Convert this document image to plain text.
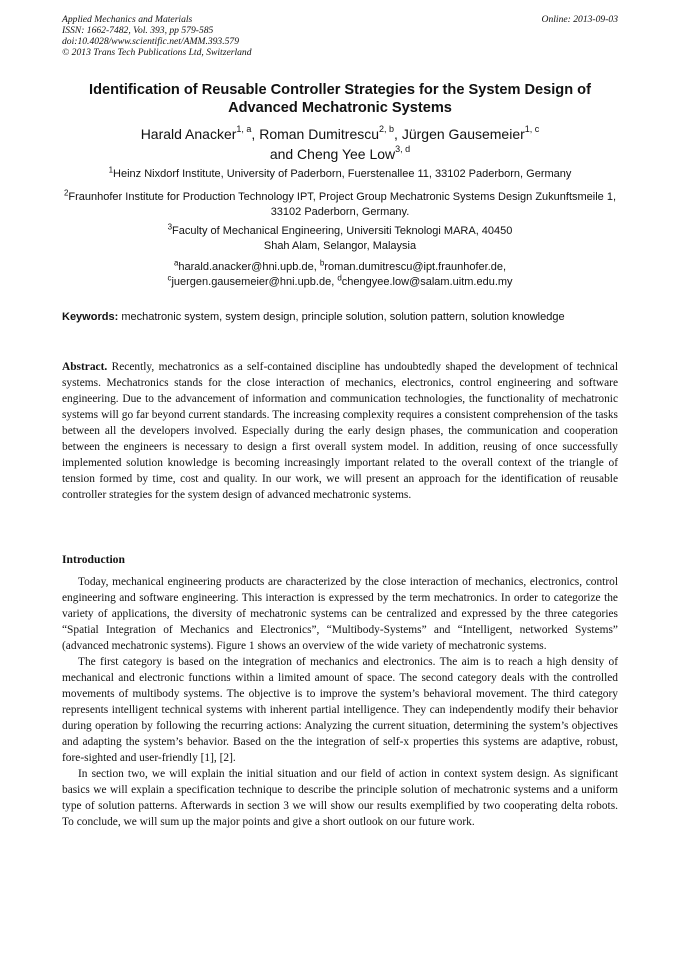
Applied Mechanics and Materials
ISSN: 1662-7482, Vol. 393, pp 579-585
doi:10.4028/www.scientific.net/AMM.393.579
© 2013 Trans Tech Publications Ltd, Switzerland
Online: 2013-09-03
Identification of Reusable Controller Strategies for the System Design of Advanced Mechatronic Systems
Harald Anacker$^{1, a}$, Roman Dumitrescu$^{2, b}$, Jürgen Gausemeier$^{1, c}$
and Cheng Yee Low$^{3, d}$
$^1$Heinz Nixdorf Institute, University of Paderborn, Fuerstenallee 11, 33102 Paderborn, Germany
$^2$Fraunhofer Institute for Production Technology IPT, Project Group Mechatronic Systems Design Zukunftsmeile 1, 33102 Paderborn, Germany.
$^3$Faculty of Mechanical Engineering, Universiti Teknologi MARA, 40450 Shah Alam, Selangor, Malaysia
$^a$harald.anacker@hni.upb.de, $^b$roman.dumitrescu@ipt.fraunhofer.de,
$^c$juergen.gausemeier@hni.upb.de, $^d$chengyee.low@salam.uitm.edu.my
Keywords: mechatronic system, system design, principle solution, solution pattern, solution knowledge
Abstract. Recently, mechatronics as a self-contained discipline has undoubtedly shaped the development of technical systems. Mechatronics stands for the close interaction of mechanics, electronics, control engineering and software engineering. Due to the advancement of information and communication technologies, the functionality of mechatronic systems will go far beyond current standards. The increasing complexity requires a consistent comprehension of the tasks between all the developers involved. Especially during the early design phases, the communication and cooperation between the engineers is necessary to design a first overall system model. In addition, reusing of once successfully implemented solution knowledge is becoming increasingly important related to the overall context of the triangle of tension formed by time, cost and quality. In our work, we will present an approach for the identification of reusable controller strategies for the system design of advanced mechatronic systems.
Introduction

Today, mechanical engineering products are characterized by the close interaction of mechanics, electronics, control engineering and software engineering. This interaction is expressed by the term mechatronics. In order to categorize the variety of applications, the diversity of mechatronic systems can be centralized and expressed by the three categories “Spatial Integration of Mechanics and Electronics”, “Multibody-Systems” and “Intelligent, networked Systems” (advanced mechatronic systems). Figure 1 shows an overview of the wide variety of mechatronic systems.

The first category is based on the integration of mechanics and electronics. The aim is to reach a high density of mechanical and electronic functions within a limited amount of space. The second category deals with the controlled movements of multibody systems. The objective is to improve the system’s behavioral movement. The third category represents intelligent technical systems with inherent partial intelligence. They can independently modify their behavior during operation by following the recurring actions: Analyzing the current situation, determining the system’s objectives and adapting the system’s behavior. Based on the the integration of self-x properties this systems are adaptive, robust, fore-sighted and user-friendly [1], [2].

In section two, we will explain the initial situation and our field of action in context system design. As significant basics we will explain a specification technique to describe the principle solution of mechatronic systems and a uniform type of solution patterns. Afterwards in section 3 we will show our results exemplified by two cooperating delta robots. To conclude, we will sum up the major points and give a short outlook on our future work.
